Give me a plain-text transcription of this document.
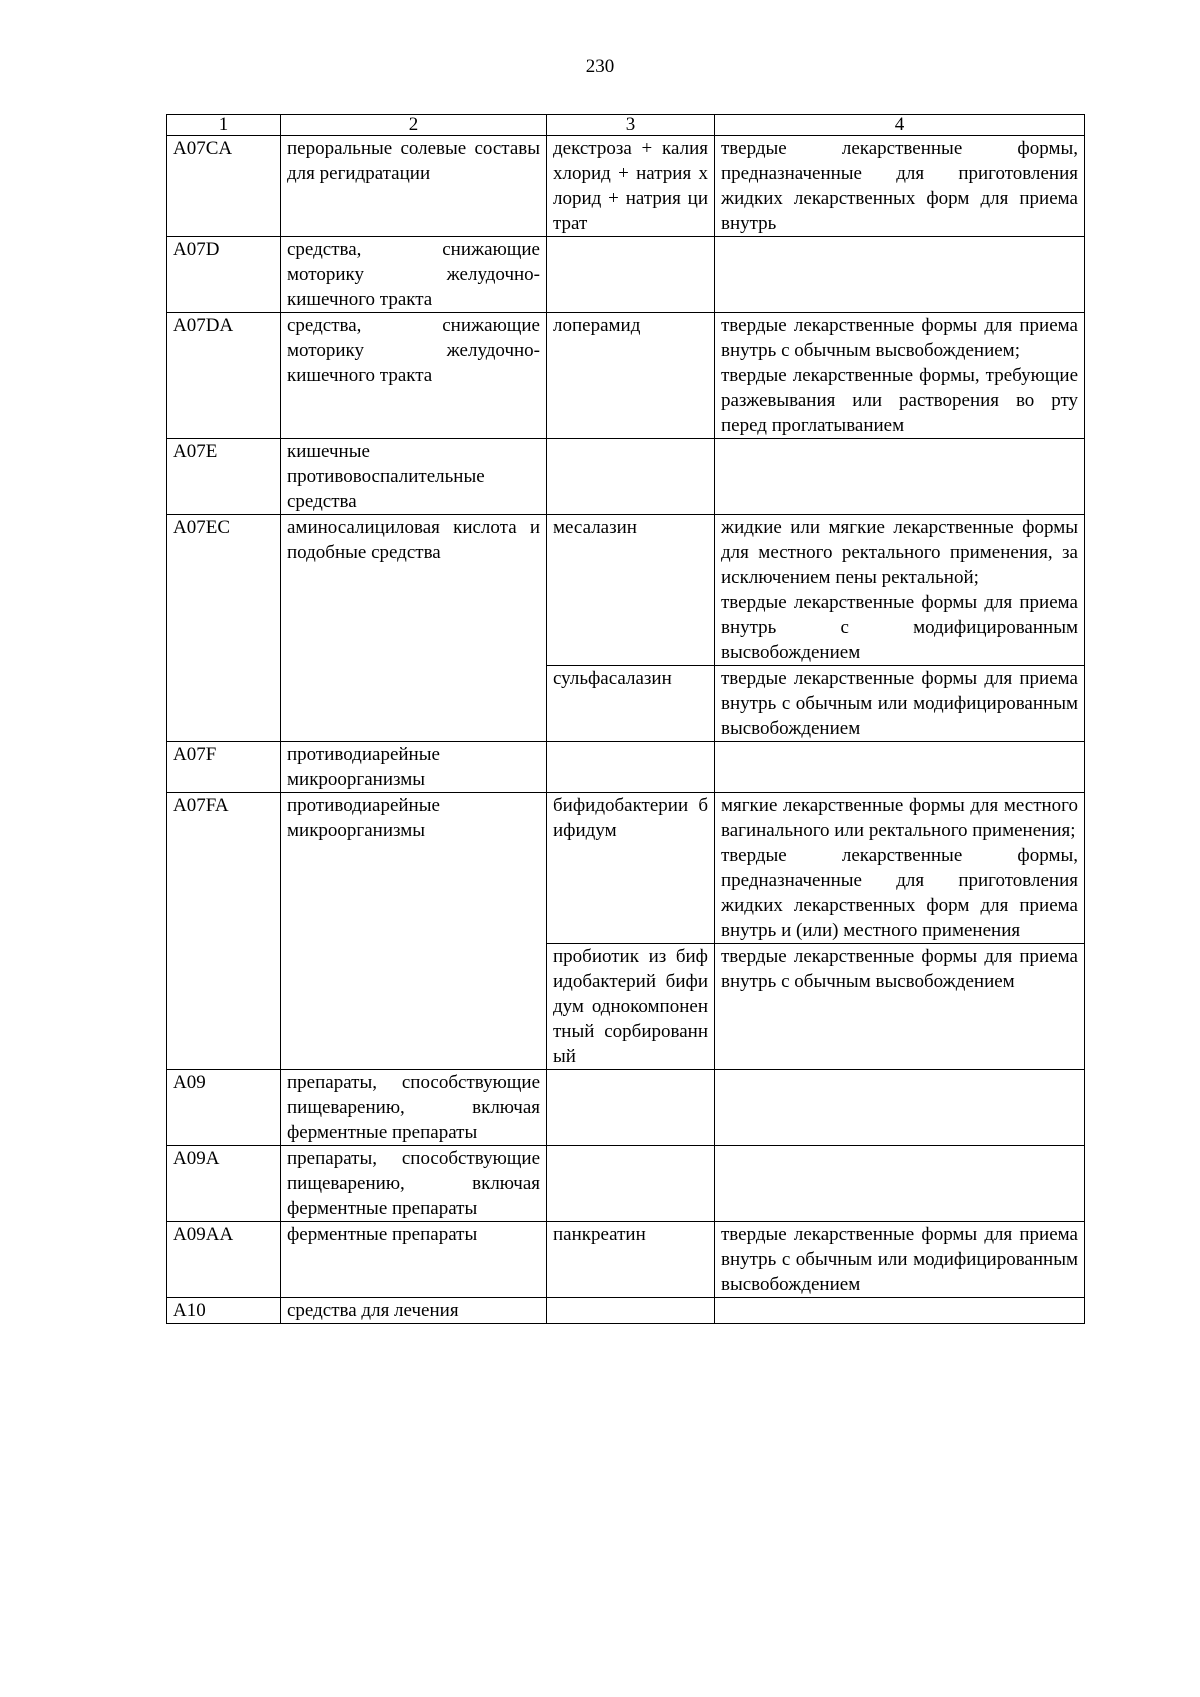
230
1	2	3	4
A07CA	пероральные солевые составы для регидратации	декстроза + калия хлорид + натрия хлорид + натрия цитрат	твердые лекарственные формы, предназначенные для приготовления жидких лекарственных форм для приема внутрь
A07D	средства, снижающие моторику желудочно-кишечного тракта		
A07DA	средства, снижающие моторику желудочно-кишечного тракта	лоперамид	твердые лекарственные формы для приема внутрь с обычным высвобождением;
твердые лекарственные формы, требующие разжевывания или растворения во рту перед проглатыванием

A07E	кишечные противовоспалительные средства		
A07EC	аминосалициловая кислота и подобные средства	месалазин	жидкие или мягкие лекарственные формы для местного ректального применения, за исключением пены ректальной;
твердые лекарственные формы для приема внутрь с модифицированным высвобождением

		сульфасалазин	твердые лекарственные формы для приема внутрь с обычным или модифицированным высвобождением
A07F	противодиарейные микроорганизмы		
A07FA	противодиарейные микроорганизмы	бифидобактерии бифидум	мягкие лекарственные формы для местного вагинального или ректального применения;
твердые лекарственные формы, предназначенные для приготовления жидких лекарственных форм для приема внутрь и (или) местного применения

		пробиотик из бифидобактерий бифидум однокомпонентный сорбированный	твердые лекарственные формы для приема внутрь с обычным высвобождением
A09	препараты, способствующие пищеварению, включая ферментные препараты		
A09A	препараты, способствующие пищеварению, включая ферментные препараты		
A09AA	ферментные препараты	панкреатин	твердые лекарственные формы для приема внутрь с обычным или модифицированным высвобождением
A10	средства для лечения		
